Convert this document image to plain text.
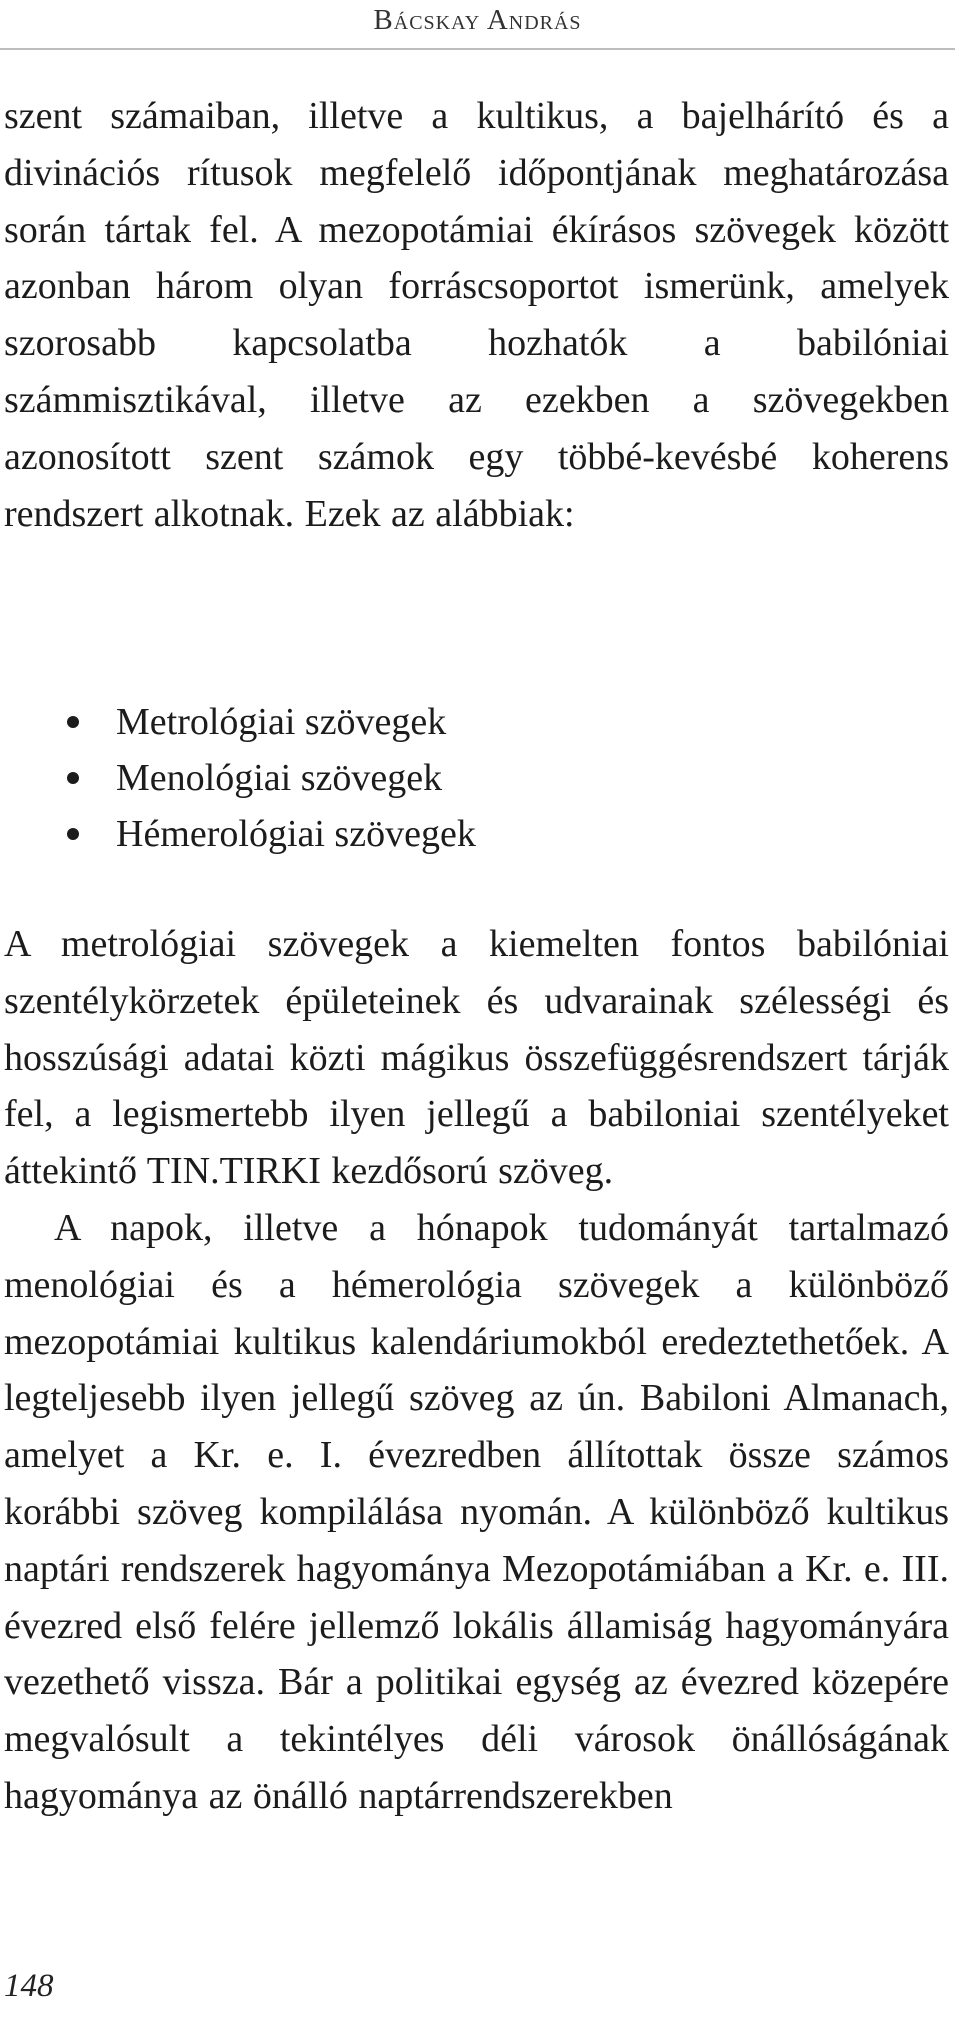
Bácskay András
szent számaiban, illetve a kultikus, a bajelhárító és a divinációs rítusok megfelelő időpontjának meghatározása során tártak fel. A mezopotámiai ékírásos szövegek között azonban három olyan forráscsoportot ismerünk, amelyek szorosabb kapcsolatba hozhatók a babilóniai számmisztikával, illetve az ezekben a szövegekben azonosított szent számok egy többé-kevésbé koherens rendszert alkotnak. Ezek az alábbiak:
Metrológiai szövegek
Menológiai szövegek
Hémerológiai szövegek

A metrológiai szövegek a kiemelten fontos babilóniai szentélykörzetek épületeinek és udvarainak szélességi és hosszúsági adatai közti mágikus összefüggésrendszert tárják fel, a legismertebb ilyen jellegű a babiloniai szentélyeket áttekintő TIN.TIRKI kezdősorú szöveg.

A napok, illetve a hónapok tudományát tartalmazó menológiai és a hémerológia szövegek a különböző mezopotámiai kultikus kalendáriumokból eredeztethetőek. A legteljesebb ilyen jellegű szöveg az ún. Babiloni Almanach, amelyet a Kr. e. I. évezredben állítottak össze számos korábbi szöveg kompilálása nyomán. A különböző kultikus naptári rendszerek hagyománya Mezopotámiában a Kr. e. III. évezred első felére jellemző lokális államiság hagyományára vezethető vissza. Bár a politikai egység az évezred közepére megvalósult a tekintélyes déli városok önállóságának hagyománya az önálló naptárrendszerekben

148
